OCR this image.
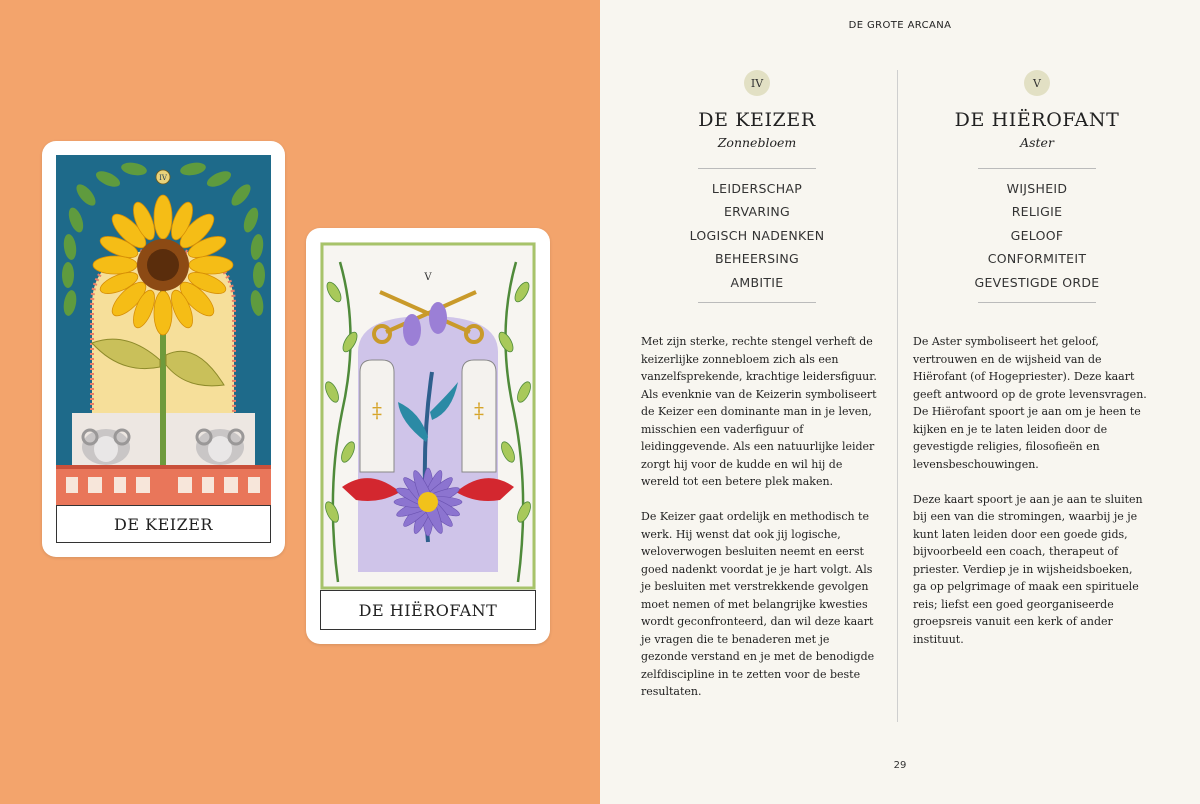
IV
DE KEIZER
‡	‡
V
DE HIËROFANT
DE GROTE ARCANA
IV
DE KEIZER
Zonnebloem
LEIDERSCHAP
ERVARING
LOGISCH NADENKEN
BEHEERSING
AMBITIE
V
DE HIËROFANT
Aster
WIJSHEID
RELIGIE
GELOOF
CONFORMITEIT
GEVESTIGDE ORDE

Met zijn sterke, rechte stengel verheft de keizerlijke zonnebloem zich als een vanzelfsprekende, krachtige leidersfiguur. Als evenknie van de Keizerin symboliseert de Keizer een dominante man in je leven, misschien een vaderfiguur of leidinggevende. Als een natuurlijke leider zorgt hij voor de kudde en wil hij de wereld tot een betere plek maken.

De Keizer gaat ordelijk en methodisch te werk. Hij wenst dat ook jij logische, weloverwogen besluiten neemt en eerst goed nadenkt voordat je je hart volgt. Als je besluiten met verstrekkende gevolgen moet nemen of met belangrijke kwesties wordt geconfronteerd, dan wil deze kaart je vragen die te benaderen met je gezonde verstand en je met de benodigde zelfdiscipline in te zetten voor de beste resultaten.

De Aster symboliseert het geloof, vertrouwen en de wijsheid van de Hiërofant (of Hogepriester). Deze kaart geeft antwoord op de grote levensvragen. De Hiërofant spoort je aan om je heen te kijken en je te laten leiden door de gevestigde religies, filosofieën en levensbeschouwingen.

Deze kaart spoort je aan je aan te sluiten bij een van die stromingen, waarbij je je kunt laten leiden door een goede gids, bijvoorbeeld een coach, therapeut of priester. Verdiep je in wijsheidsboeken, ga op pelgrimage of maak een spirituele reis; liefst een goed georganiseerde groepsreis vanuit een kerk of ander instituut.

29
